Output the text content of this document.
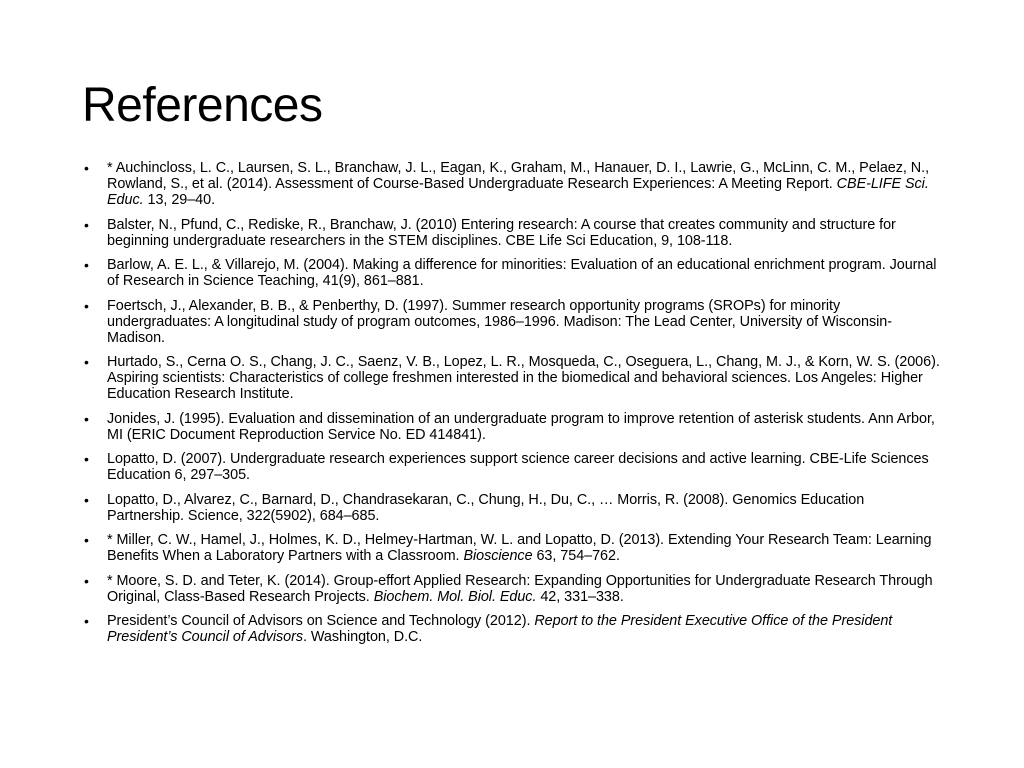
References
•	* Auchincloss, L. C., Laursen, S. L., Branchaw, J. L., Eagan, K., Graham, M., Hanauer, D. I., Lawrie, G., McLinn, C. M., Pelaez, N., Rowland, S., et al. (2014). Assessment of Course-Based Undergraduate Research Experiences: A Meeting Report. CBE-LIFE Sci. Educ. 13, 29–40.
•	Balster, N., Pfund, C., Rediske, R., Branchaw, J. (2010) Entering research: A course that creates community and structure for beginning undergraduate researchers in the STEM disciplines. CBE Life Sci Education, 9, 108-118.
•	Barlow, A. E. L., & Villarejo, M. (2004). Making a difference for minorities: Evaluation of an educational enrichment program. Journal of Research in Science Teaching, 41(9), 861–881.
•	Foertsch, J., Alexander, B. B., & Penberthy, D. (1997). Summer research opportunity programs (SROPs) for minority undergraduates: A longitudinal study of program outcomes, 1986–1996. Madison: The Lead Center, University of Wisconsin-Madison.
•	Hurtado, S., Cerna O. S., Chang, J. C., Saenz, V. B., Lopez, L. R., Mosqueda, C., Oseguera, L., Chang, M. J., & Korn, W. S. (2006). Aspiring scientists: Characteristics of college freshmen interested in the biomedical and behavioral sciences. Los Angeles: Higher Education Research Institute.
•	Jonides, J. (1995). Evaluation and dissemination of an undergraduate program to improve retention of asterisk students. Ann Arbor, MI (ERIC Document Reproduction Service No. ED 414841).
•	Lopatto, D. (2007). Undergraduate research experiences support science career decisions and active learning. CBE-Life Sciences Education 6, 297–305.
•	Lopatto, D., Alvarez, C., Barnard, D., Chandrasekaran, C., Chung, H., Du, C., … Morris, R. (2008). Genomics Education Partnership. Science, 322(5902), 684–685.
•	* Miller, C. W., Hamel, J., Holmes, K. D., Helmey-Hartman, W. L. and Lopatto, D. (2013). Extending Your Research Team: Learning Benefits When a Laboratory Partners with a Classroom. Bioscience 63, 754–762.
•	* Moore, S. D. and Teter, K. (2014). Group-effort Applied Research: Expanding Opportunities for Undergraduate Research Through Original, Class-Based Research Projects. Biochem. Mol. Biol. Educ. 42, 331–338.
•	President’s Council of Advisors on Science and Technology (2012). Report to the President Executive Office of the President President’s Council of Advisors. Washington, D.C.
